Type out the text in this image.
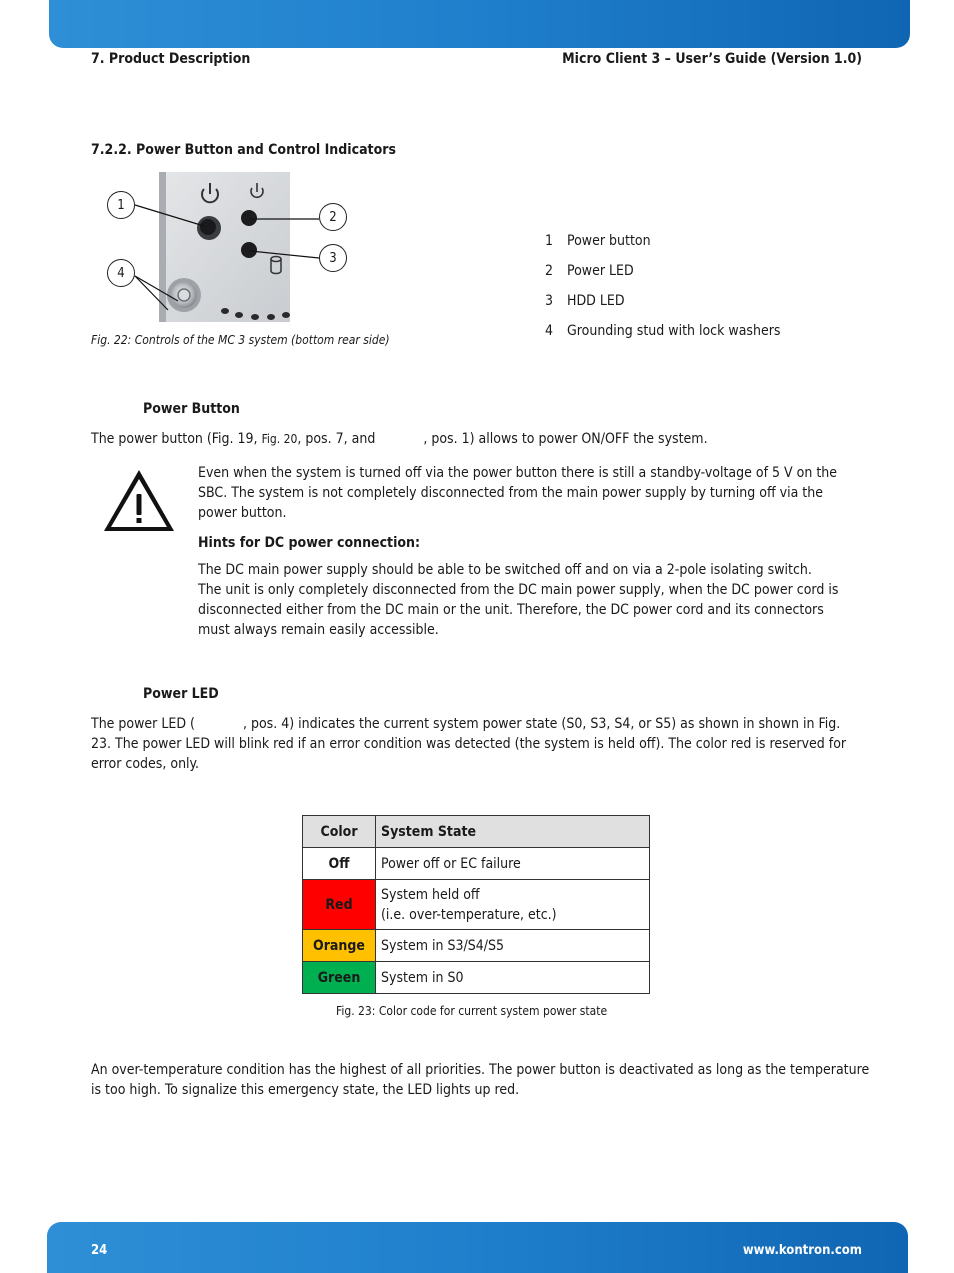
7. Product Description	Micro Client 3 – User’s Guide (Version 1.0)
7.2.2. Power Button and Control Indicators
1
2
3
4
1 Power button
2 Power LED
3 HDD LED
4 Grounding stud with lock washers
Fig. 22: Controls of the MC 3 system (bottom rear side)
Power Button
The power button (Fig. 19, Fig. 20, pos. 7, and	, pos. 1) allows to power ON/OFF the system.
Even when the system is turned off via the power button there is still a standby-voltage of 5 V on the SBC. The system is not completely disconnected from the main power supply by turning off via the power button.
Hints for DC power connection:
The DC main power supply should be able to be switched off and on via a 2-pole isolating switch.
The unit is only completely disconnected from the DC main power supply, when the DC power cord is disconnected either from the DC main or the unit. Therefore, the DC power cord and its connectors must always remain easily accessible.
Power LED
The power LED (	, pos. 4) indicates the current system power state (S0, S3, S4, or S5) as shown in shown in Fig. 23. The power LED will blink red if an error condition was detected (the system is held off). The color red is reserved for error codes, only.
Color	System State
Off	Power off or EC failure
Red	System held off
(i.e. over-temperature, etc.)
Orange	System in S3/S4/S5
Green	System in S0
Fig. 23: Color code for current system power state
An over-temperature condition has the highest of all priorities. The power button is deactivated as long as the temperature is too high. To signalize this emergency state, the LED lights up red.
24	www.kontron.com
